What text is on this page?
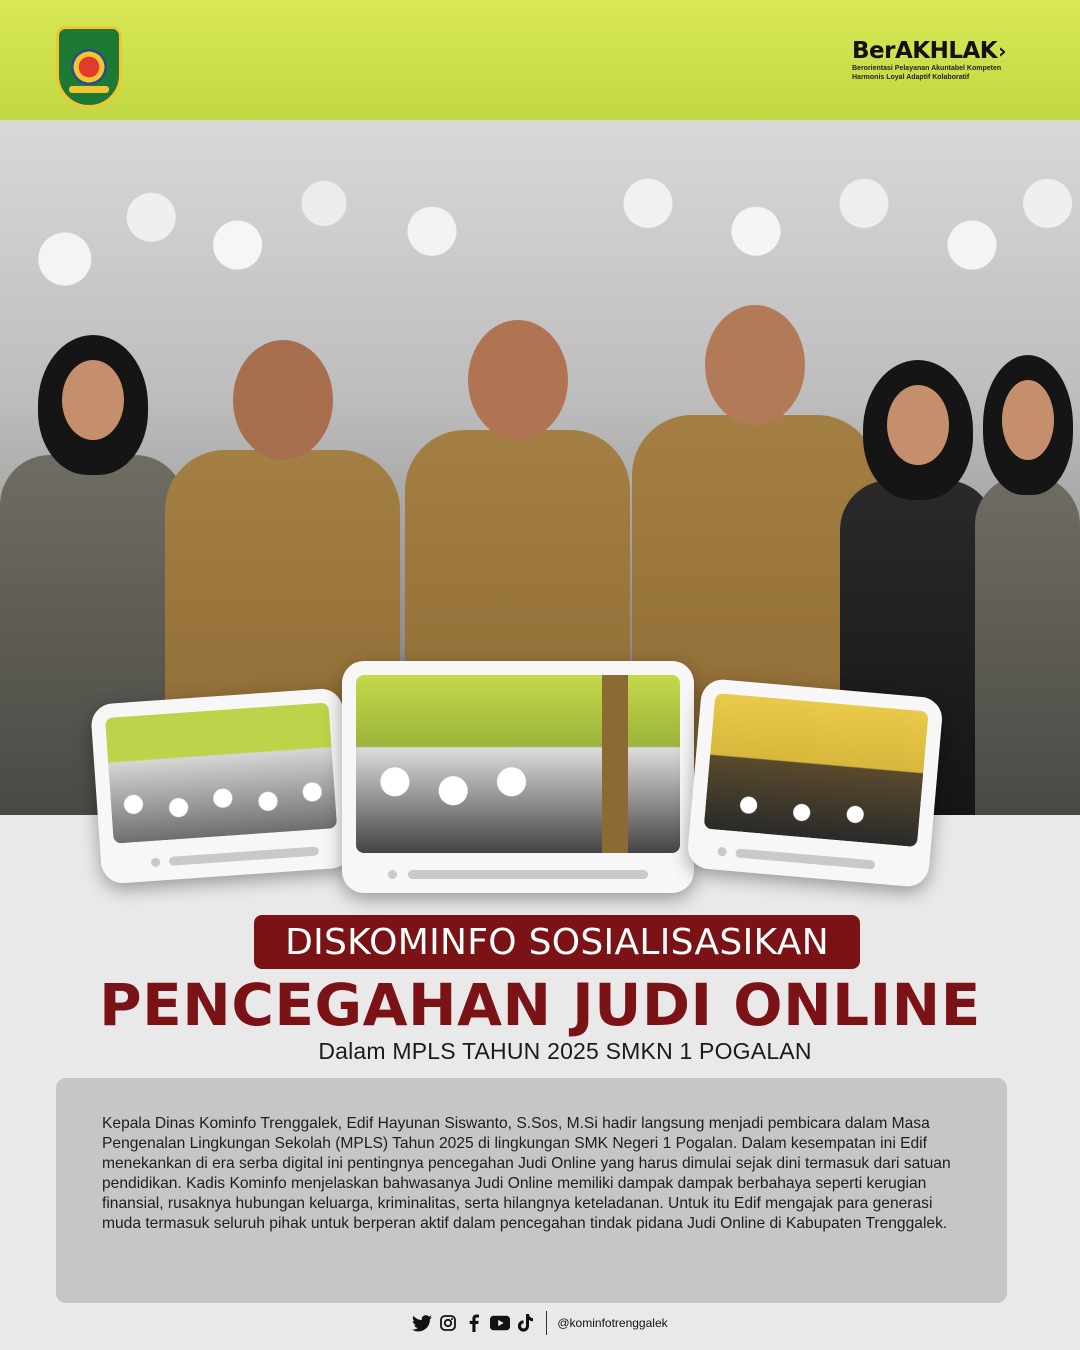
BerAKHLAK›
Berorientasi Pelayanan Akuntabel Kompeten
Harmonis Loyal Adaptif Kolaboratif
DISKOMINFO SOSIALISASIKAN
PENCEGAHAN JUDI ONLINE
Dalam MPLS TAHUN 2025 SMKN 1 POGALAN

Kepala Dinas Kominfo Trenggalek, Edif Hayunan Siswanto, S.Sos, M.Si hadir langsung menjadi pembicara dalam Masa Pengenalan Lingkungan Sekolah (MPLS) Tahun 2025 di lingkungan SMK Negeri 1 Pogalan. Dalam kesempatan ini Edif menekankan di era serba digital ini pentingnya pencegahan Judi Online yang harus dimulai sejak dini termasuk dari satuan pendidikan. Kadis Kominfo menjelaskan bahwasanya Judi Online memiliki dampak dampak berbahaya seperti kerugian finansial, rusaknya hubungan keluarga, kriminalitas, serta hilangnya keteladanan. Untuk itu Edif mengajak para generasi muda termasuk seluruh pihak untuk berperan aktif dalam pencegahan tindak pidana Judi Online di Kabupaten Trenggalek.

@kominfotrenggalek
